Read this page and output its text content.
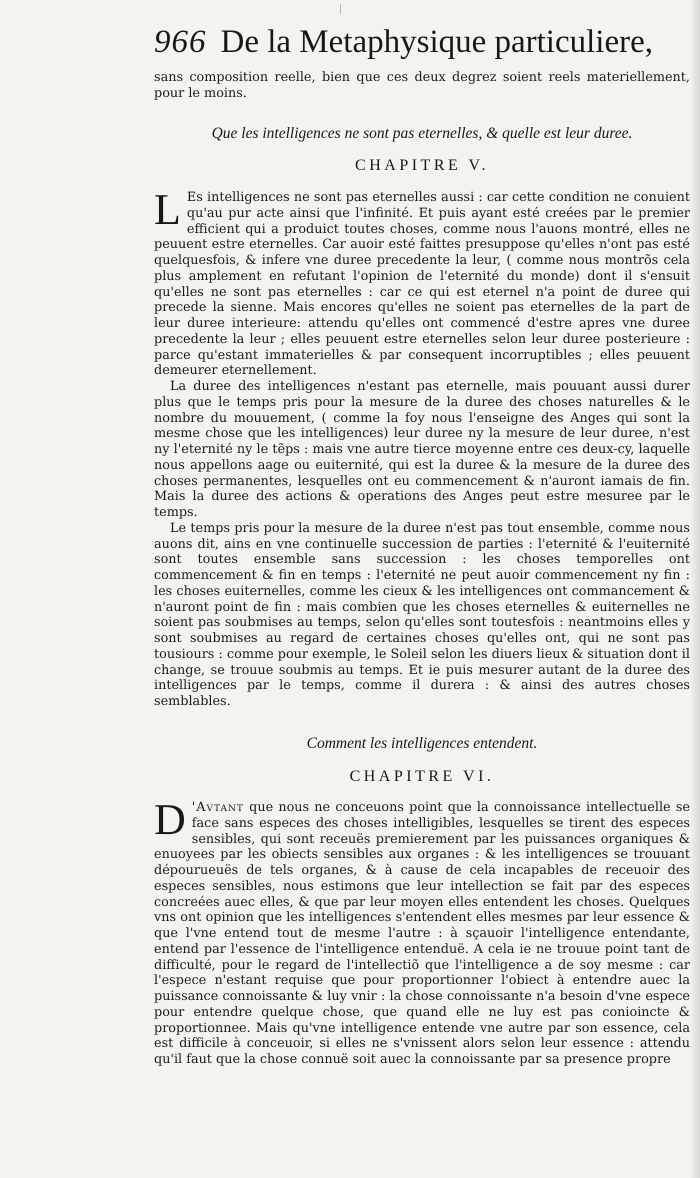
966 De la Metaphysique particuliere,

sans composition reelle, bien que ces deux degrez soient reels materiellement, pour le moins.

Que les intelligences ne sont pas eternelles, & quelle est leur duree.
CHAPITRE V.

L Es intelligences ne sont pas eternelles aussi : car cette condition ne conuient qu'au pur acte ainsi que l'infinité. Et puis ayant esté creées par le premier efficient qui a produict toutes choses, comme nous l'auons montré, elles ne peuuent estre eternelles. Car auoir esté faittes presuppose qu'elles n'ont pas esté quelquesfois, & infere vne duree precedente la leur, ( comme nous montrõs cela plus amplement en refutant l'opinion de l'eternité du monde) dont il s'ensuit qu'elles ne sont pas eternelles : car ce qui est eternel n'a point de duree qui precede la sienne. Mais encores qu'elles ne soient pas eternelles de la part de leur duree interieure: attendu qu'elles ont commencé d'estre apres vne duree precedente la leur ; elles peuuent estre eternelles selon leur duree posterieure : parce qu'estant immaterielles & par consequent incorruptibles ; elles peuuent demeurer eternellement.

La duree des intelligences n'estant pas eternelle, mais pouuant aussi durer plus que le temps pris pour la mesure de la duree des choses naturelles & le nombre du mouuement, ( comme la foy nous l'enseigne des Anges qui sont la mesme chose que les intelligences) leur duree ny la mesure de leur duree, n'est ny l'eternité ny le tẽps : mais vne autre tierce moyenne entre ces deux-cy, laquelle nous appellons aage ou euiternité, qui est la duree & la mesure de la duree des choses permanentes, lesquelles ont eu commencement & n'auront iamais de fin. Mais la duree des actions & operations des Anges peut estre mesuree par le temps.

Le temps pris pour la mesure de la duree n'est pas tout ensemble, comme nous auons dit, ains en vne continuelle succession de parties : l'eternité & l'euiternité sont toutes ensemble sans succession : les choses temporelles ont commencement & fin en temps : l'eternité ne peut auoir commencement ny fin : les choses euiternelles, comme les cieux & les intelligences ont commancement & n'auront point de fin : mais combien que les choses eternelles & euiternelles ne soient pas soubmises au temps, selon qu'elles sont toutesfois : neantmoins elles y sont soubmises au regard de certaines choses qu'elles ont, qui ne sont pas tousiours : comme pour exemple, le Soleil selon les diuers lieux & situation dont il change, se trouue soubmis au temps. Et ie puis mesurer autant de la duree des intelligences par le temps, comme il durera : & ainsi des autres choses semblables.

Comment les intelligences entendent.
CHAPITRE VI.

D 'Avtant que nous ne conceuons point que la connoissance intellectuelle se face sans especes des choses intelligibles, lesquelles se tirent des especes sensibles, qui sont receuës premierement par les puissances organiques & enuoyees par les obiects sensibles aux organes : & les intelligences se trouuant dépourueuës de tels organes, & à cause de cela incapables de receuoir des especes sensibles, nous estimons que leur intellection se fait par des especes concreées auec elles, & que par leur moyen elles entendent les choses. Quelques vns ont opinion que les intelligences s'entendent elles mesmes par leur essence & que l'vne entend tout de mesme l'autre : à sçauoir l'intelligence entendante, entend par l'essence de l'intelligence entenduë. A cela ie ne trouue point tant de difficulté, pour le regard de l'intellectiõ que l'intelligence a de soy mesme : car l'espece n'estant requise que pour proportionner l'obiect à entendre auec la puissance connoissante & luy vnir : la chose connoissante n'a besoin d'vne espece pour entendre quelque chose, que quand elle ne luy est pas conioincte & proportionnee. Mais qu'vne intelligence entende vne autre par son essence, cela est difficile à conceuoir, si elles ne s'vnissent alors selon leur essence : attendu qu'il faut que la chose connuë soit auec la connoissante par sa presence propre
